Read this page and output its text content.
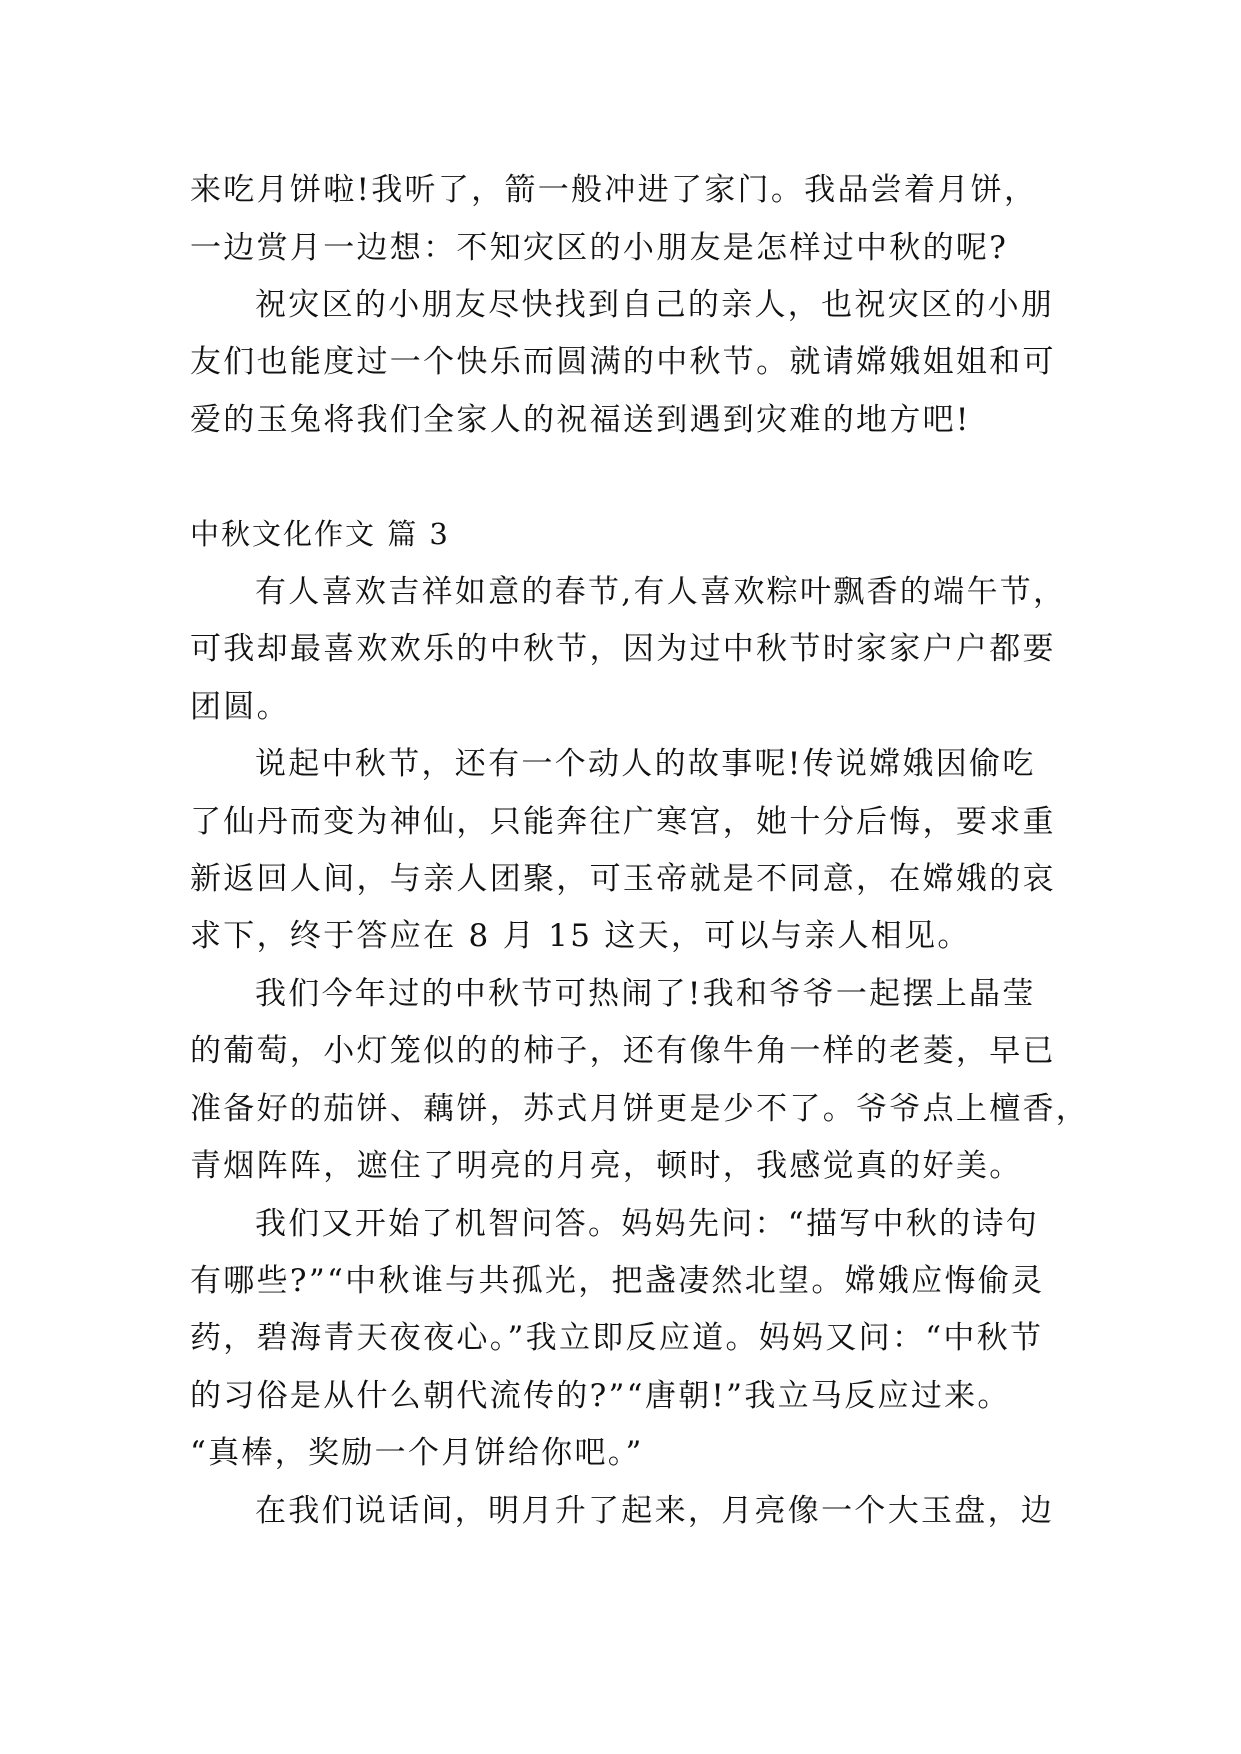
来吃月饼啦!我听了，箭一般冲进了家门。我品尝着月饼，
一边赏月一边想：不知灾区的小朋友是怎样过中秋的呢?
祝灾区的小朋友尽快找到自己的亲人，也祝灾区的小朋
友们也能度过一个快乐而圆满的中秋节。就请嫦娥姐姐和可
爱的玉兔将我们全家人的祝福送到遇到灾难的地方吧!
中秋文化作文 篇 3
有人喜欢吉祥如意的春节,有人喜欢粽叶飘香的端午节，
可我却最喜欢欢乐的中秋节，因为过中秋节时家家户户都要
团圆。
说起中秋节，还有一个动人的故事呢!传说嫦娥因偷吃
了仙丹而变为神仙，只能奔往广寒宫，她十分后悔，要求重
新返回人间，与亲人团聚，可玉帝就是不同意，在嫦娥的哀
求下，终于答应在 8 月 15 这天，可以与亲人相见。
我们今年过的中秋节可热闹了!我和爷爷一起摆上晶莹
的葡萄，小灯笼似的的柿子，还有像牛角一样的老菱，早已
准备好的茄饼、藕饼，苏式月饼更是少不了。爷爷点上檀香，
青烟阵阵，遮住了明亮的月亮，顿时，我感觉真的好美。
我们又开始了机智问答。妈妈先问：“描写中秋的诗句
有哪些?”“中秋谁与共孤光，把盏凄然北望。嫦娥应悔偷灵
药，碧海青天夜夜心。”我立即反应道。妈妈又问：“中秋节
的习俗是从什么朝代流传的?”“唐朝!”我立马反应过来。
“真棒，奖励一个月饼给你吧。”
在我们说话间，明月升了起来，月亮像一个大玉盘，边
